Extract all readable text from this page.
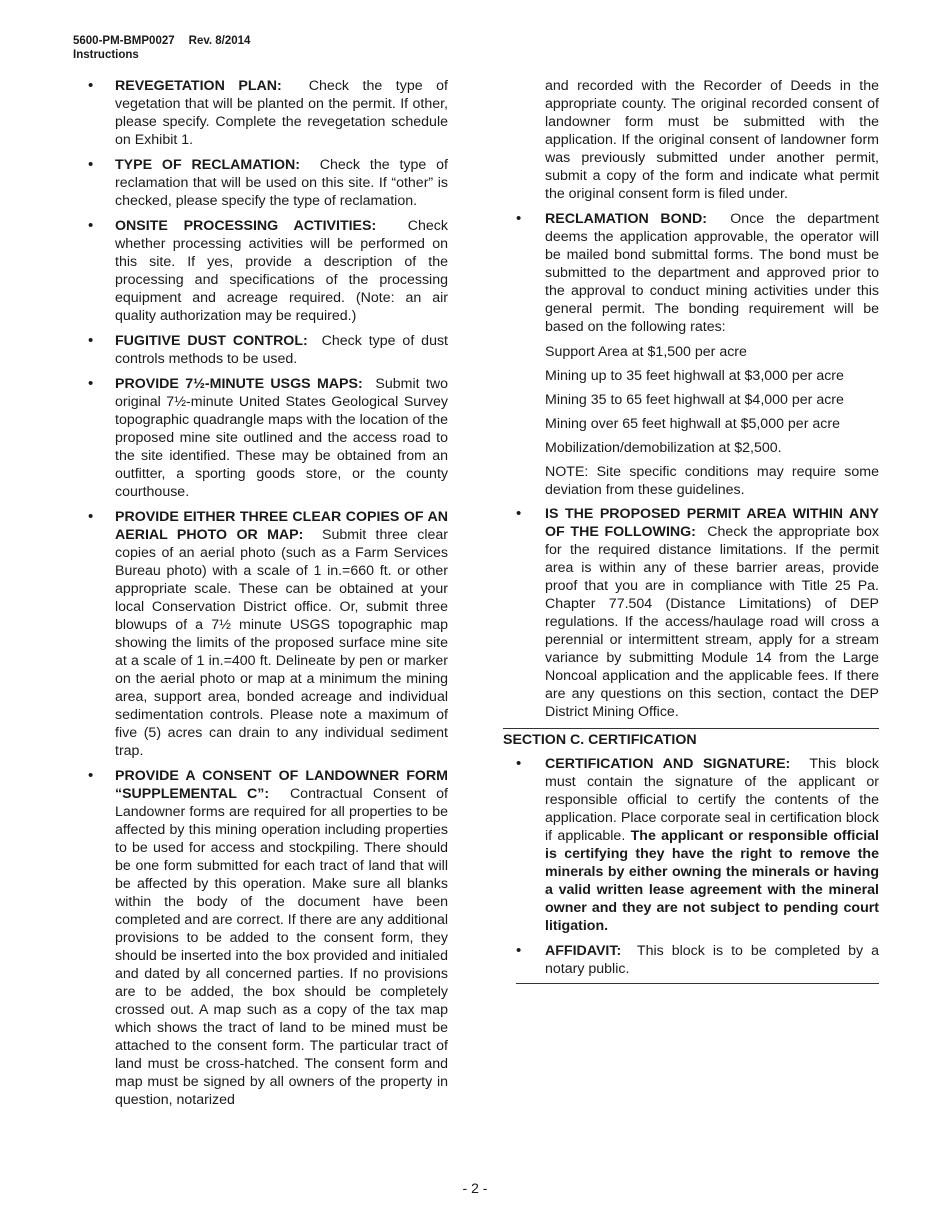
5600-PM-BMP0027 Rev. 8/2014
Instructions
• REVEGETATION PLAN: Check the type of vegetation that will be planted on the permit. If other, please specify. Complete the revegetation schedule on Exhibit 1.
• TYPE OF RECLAMATION: Check the type of reclamation that will be used on this site. If “other” is checked, please specify the type of reclamation.
• ONSITE PROCESSING ACTIVITIES: Check whether processing activities will be performed on this site. If yes, provide a description of the processing and specifications of the processing equipment and acreage required. (Note: an air quality authorization may be required.)
• FUGITIVE DUST CONTROL: Check type of dust controls methods to be used.
• PROVIDE 7½-MINUTE USGS MAPS: Submit two original 7½-minute United States Geological Survey topographic quadrangle maps with the location of the proposed mine site outlined and the access road to the site identified. These may be obtained from an outfitter, a sporting goods store, or the county courthouse.
• PROVIDE EITHER THREE CLEAR COPIES OF AN AERIAL PHOTO OR MAP: Submit three clear copies of an aerial photo (such as a Farm Services Bureau photo) with a scale of 1 in.=660 ft. or other appropriate scale. These can be obtained at your local Conservation District office. Or, submit three blowups of a 7½ minute USGS topographic map showing the limits of the proposed surface mine site at a scale of 1 in.=400 ft. Delineate by pen or marker on the aerial photo or map at a minimum the mining area, support area, bonded acreage and individual sedimentation controls. Please note a maximum of five (5) acres can drain to any individual sediment trap.
• PROVIDE A CONSENT OF LANDOWNER FORM “SUPPLEMENTAL C”: Contractual Consent of Landowner forms are required for all properties to be affected by this mining operation including properties to be used for access and stockpiling. There should be one form submitted for each tract of land that will be affected by this operation. Make sure all blanks within the body of the document have been completed and are correct. If there are any additional provisions to be added to the consent form, they should be inserted into the box provided and initialed and dated by all concerned parties. If no provisions are to be added, the box should be completely crossed out. A map such as a copy of the tax map which shows the tract of land to be mined must be attached to the consent form. The particular tract of land must be cross-hatched. The consent form and map must be signed by all owners of the property in question, notarized
and recorded with the Recorder of Deeds in the appropriate county. The original recorded consent of landowner form must be submitted with the application. If the original consent of landowner form was previously submitted under another permit, submit a copy of the form and indicate what permit the original consent form is filed under.
• RECLAMATION BOND: Once the department deems the application approvable, the operator will be mailed bond submittal forms. The bond must be submitted to the department and approved prior to the approval to conduct mining activities under this general permit. The bonding requirement will be based on the following rates:
Support Area at $1,500 per acre
Mining up to 35 feet highwall at $3,000 per acre
Mining 35 to 65 feet highwall at $4,000 per acre
Mining over 65 feet highwall at $5,000 per acre
Mobilization/demobilization at $2,500.
NOTE: Site specific conditions may require some deviation from these guidelines.
• IS THE PROPOSED PERMIT AREA WITHIN ANY OF THE FOLLOWING: Check the appropriate box for the required distance limitations. If the permit area is within any of these barrier areas, provide proof that you are in compliance with Title 25 Pa. Chapter 77.504 (Distance Limitations) of DEP regulations. If the access/haulage road will cross a perennial or intermittent stream, apply for a stream variance by submitting Module 14 from the Large Noncoal application and the applicable fees. If there are any questions on this section, contact the DEP District Mining Office.
SECTION C. CERTIFICATION
• CERTIFICATION AND SIGNATURE: This block must contain the signature of the applicant or responsible official to certify the contents of the application. Place corporate seal in certification block if applicable. The applicant or responsible official is certifying they have the right to remove the minerals by either owning the minerals or having a valid written lease agreement with the mineral owner and they are not subject to pending court litigation.
• AFFIDAVIT: This block is to be completed by a notary public.
- 2 -
